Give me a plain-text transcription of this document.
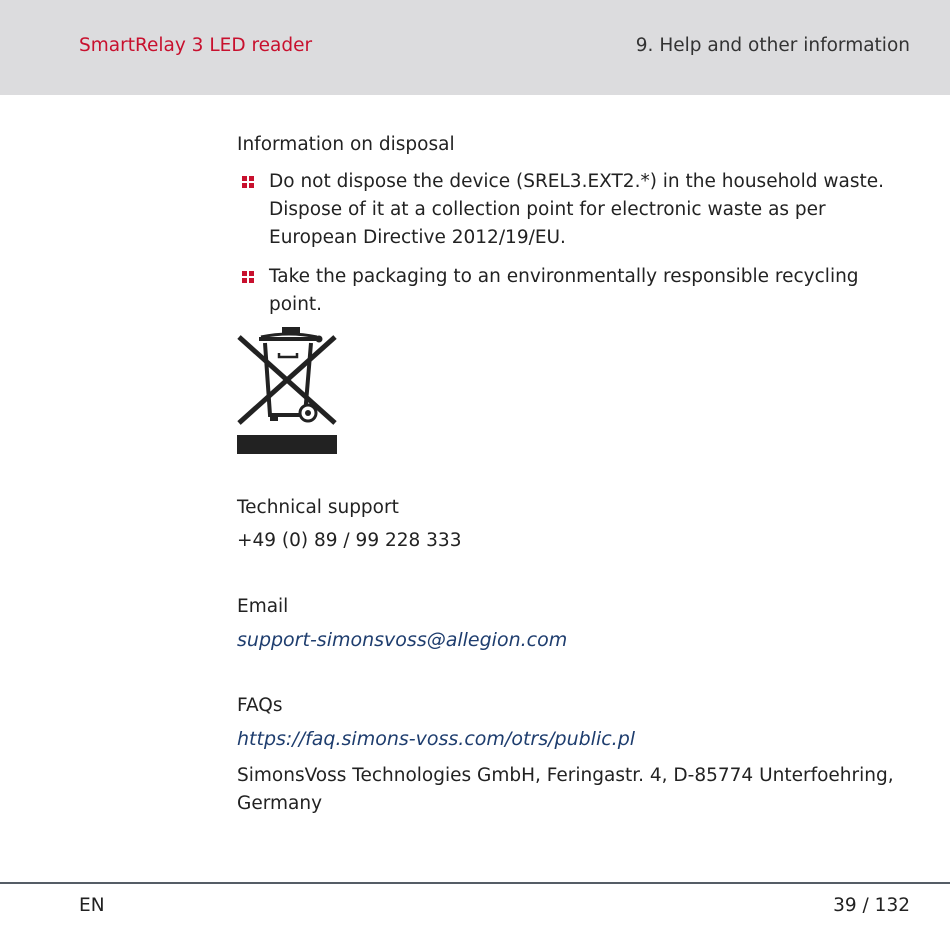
SmartRelay 3 LED reader	9. Help and other information
Information on disposal
Do not dispose the device (SREL3.EXT2.*) in the household waste.
Dispose of it at a collection point for electronic waste as per
European Directive 2012/19/EU.
Take the packaging to an environmentally responsible recycling
point.
Technical support
+49 (0) 89 / 99 228 333
Email
support-simonsvoss@allegion.com
FAQs
https://faq.simons-voss.com/otrs/public.pl
SimonsVoss Technologies GmbH, Feringastr. 4, D-85774 Unterfoehring,
Germany
EN	39 / 132
